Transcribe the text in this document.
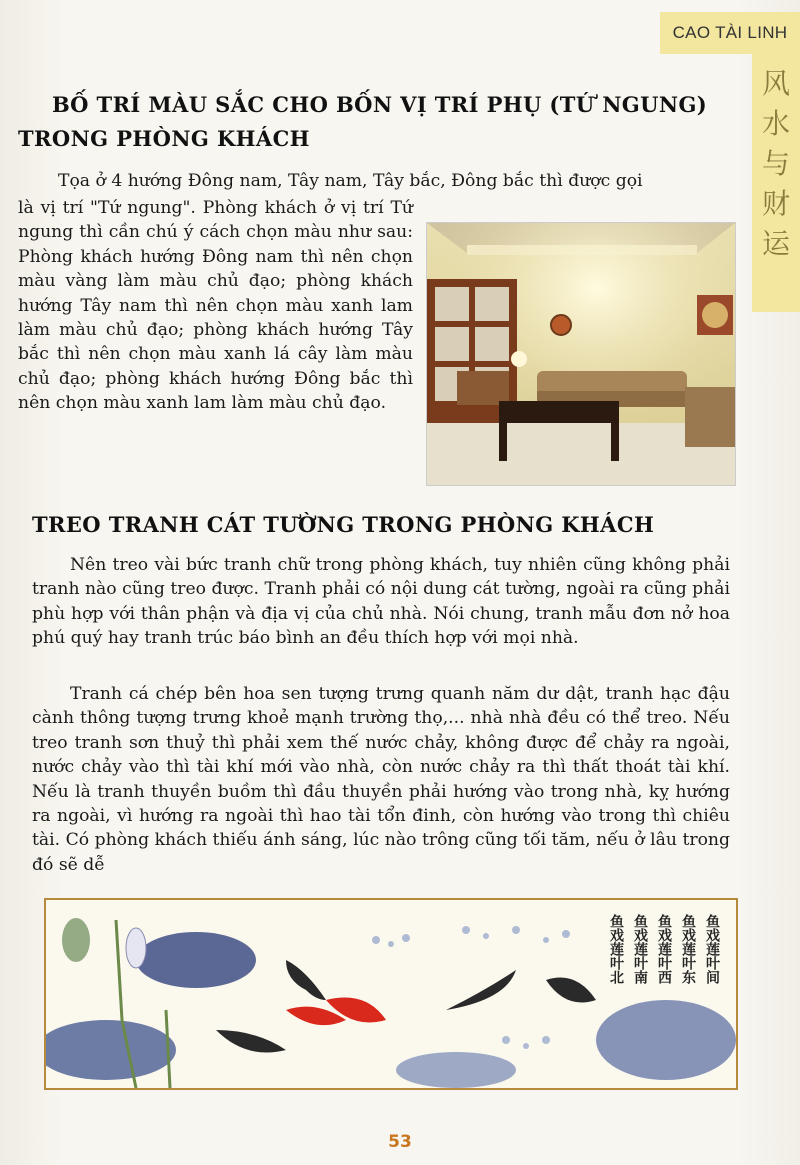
CAO TÀI LINH
风
水
与
财
运
BỐ TRÍ MÀU SẮC CHO BỐN VỊ TRÍ PHỤ (TỨ NGUNG)
TRONG PHÒNG KHÁCH

Tọa ở 4 hướng Đông nam, Tây nam, Tây bắc, Đông bắc thì được gọi

là vị trí "Tứ ngung". Phòng khách ở vị trí Tứ ngung thì cần chú ý cách chọn màu như sau: Phòng khách hướng Đông nam thì nên chọn màu vàng làm màu chủ đạo; phòng khách hướng Tây nam thì nên chọn màu xanh lam làm màu chủ đạo; phòng khách hướng Tây bắc thì nên chọn màu xanh lá cây làm màu chủ đạo; phòng khách hướng Đông bắc thì nên chọn màu xanh lam làm màu chủ đạo.

TREO TRANH CÁT TƯỜNG TRONG PHÒNG KHÁCH

Nên treo vài bức tranh chữ trong phòng khách, tuy nhiên cũng không phải tranh nào cũng treo được. Tranh phải có nội dung cát tường, ngoài ra cũng phải phù hợp với thân phận và địa vị của chủ nhà. Nói chung, tranh mẫu đơn nở hoa phú quý hay tranh trúc báo bình an đều thích hợp với mọi nhà.

Tranh cá chép bên hoa sen tượng trưng quanh năm dư dật, tranh hạc đậu cành thông tượng trưng khoẻ mạnh trường thọ,... nhà nhà đều có thể treo. Nếu treo tranh sơn thuỷ thì phải xem thế nước chảy, không được để chảy ra ngoài, nước chảy vào thì tài khí mới vào nhà, còn nước chảy ra thì thất thoát tài khí. Nếu là tranh thuyền buồm thì đầu thuyền phải hướng vào trong nhà, kỵ hướng ra ngoài, vì hướng ra ngoài thì hao tài tổn đinh, còn hướng vào trong thì chiêu tài. Có phòng khách thiếu ánh sáng, lúc nào trông cũng tối tăm, nếu ở lâu trong đó sẽ dễ

鱼戏莲叶北 鱼戏莲叶南 鱼戏莲叶西 鱼戏莲叶东 鱼戏莲叶间
53
